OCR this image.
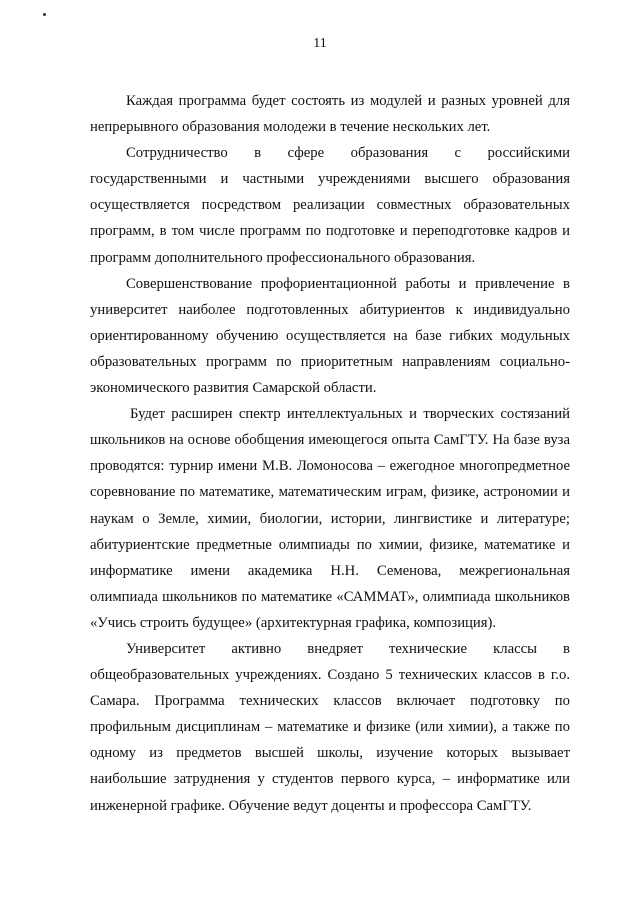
11

Каждая программа будет состоять из модулей и разных уровней для непрерывного образования молодежи в течение нескольких лет.

Сотрудничество в сфере образования с российскими государственными и частными учреждениями высшего образования осуществляется посредством реализации совместных образовательных программ, в том числе программ по подготовке и переподготовке кадров и программ дополнительного профессионального образования.

Совершенствование профориентационной работы и привлечение в университет наиболее подготовленных абитуриентов к индивидуально ориентированному обучению осуществляется на базе гибких модульных образовательных программ по приоритетным направлениям социально-экономического развития Самарской области.

Будет расширен спектр интеллектуальных и творческих состязаний школьников на основе обобщения имеющегося опыта СамГТУ. На базе вуза проводятся: турнир имени М.В. Ломоносова – ежегодное многопредметное соревнование по математике, математическим играм, физике, астрономии и наукам о Земле, химии, биологии, истории, лингвистике и литературе; абитуриентские предметные олимпиады по химии, физике, математике и информатике имени академика Н.Н. Семенова, межрегиональная олимпиада школьников по математике «САММАТ», олимпиада школьников «Учись строить будущее» (архитектурная графика, композиция).

Университет активно внедряет технические классы в общеобразовательных учреждениях. Создано 5 технических классов в г.о. Самара. Программа технических классов включает подготовку по профильным дисциплинам – математике и физике (или химии), а также по одному из предметов высшей школы, изучение которых вызывает наибольшие затруднения у студентов первого курса, – информатике или инженерной графике. Обучение ведут доценты и профессора СамГТУ.
